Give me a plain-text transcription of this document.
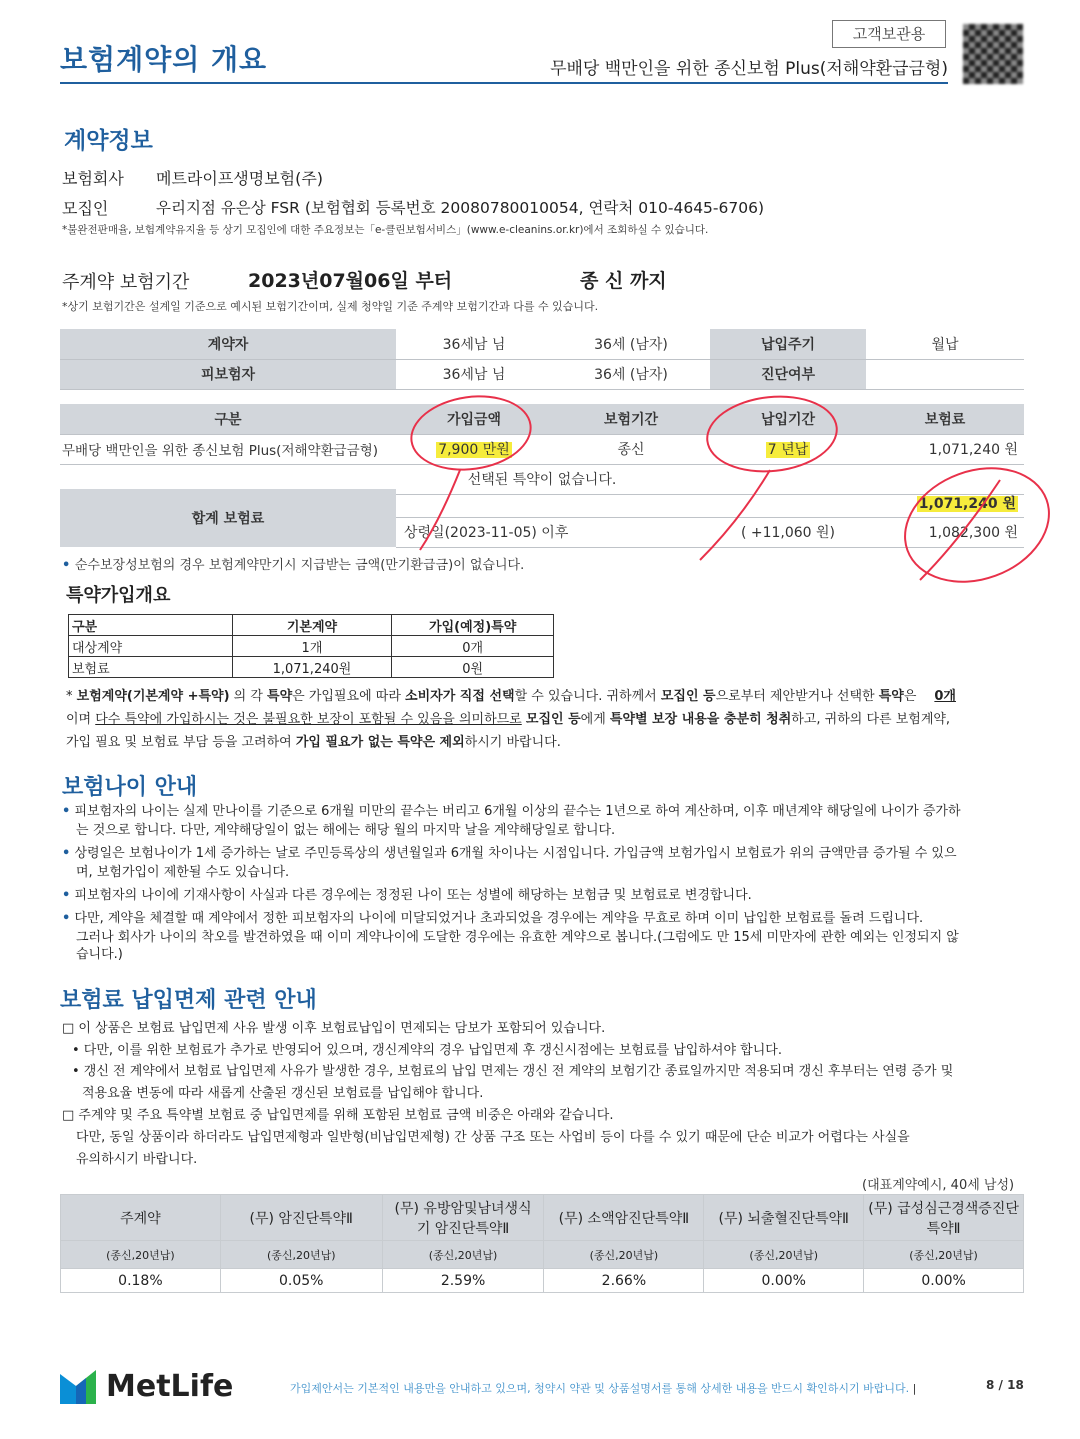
보험계약의 개요
고객보관용
무배당 백만인을 위한 종신보험 Plus(저해약환급금형)
계약정보
보험회사 메트라이프생명보험(주)
모집인	우리지점 유은상 FSR (보험협회 등록번호 20080780010054, 연락처 010-4645-6706)
*불완전판매율, 보험계약유지율 등 상기 모집인에 대한 주요정보는「e-클린보험서비스」(www.e-cleanins.or.kr)에서 조회하실 수 있습니다.
주계약 보험기간	2023년07월06일 부터	종 신 까지
*상기 보험기간은 설계일 기준으로 예시된 보험기간이며, 실제 청약일 기준 주계약 보험기간과 다를 수 있습니다.
계약자	36세남 님	36세 (남자)	납입주기	월납
피보험자	36세남 님	36세 (남자)	진단여부	
구분	가입금액	보험기간	납입기간	보험료
무배당 백만인을 위한 종신보험 Plus(저해약환급금형)	7,900 만원	종신	7 년납	1,071,240 원
선택된 특약이 없습니다.				
합계 보험료	1,071,240 원		
	상령일(2023-11-05) 이후	( +11,060 원)	1,082,300 원
• 순수보장성보험의 경우 보험계약만기시 지급받는 금액(만기환급금)이 없습니다.
특약가입개요
구분	기본계약	가입(예정)특약
대상계약	1개	0개
보험료	1,071,240원	0원
* 보험계약(기본계약 +특약) 의 각 특약은 가입필요에 따라 소비자가 직접 선택할 수 있습니다. 귀하께서 모집인 등으로부터 제안받거나 선택한 특약은 0개
이며 다수 특약에 가입하시는 것은 불필요한 보장이 포함될 수 있음을 의미하므로 모집인 등에게 특약별 보장 내용을 충분히 청취하고, 귀하의 다른 보험계약,
가입 필요 및 보험료 부담 등을 고려하여 가입 필요가 없는 특약은 제외하시기 바랍니다.
보험나이 안내
• 피보험자의 나이는 실제 만나이를 기준으로 6개월 미만의 끝수는 버리고 6개월 이상의 끝수는 1년으로 하여 계산하며, 이후 매년계약 해당일에 나이가 증가하
는 것으로 합니다. 다만, 계약해당일이 없는 해에는 해당 월의 마지막 날을 계약해당일로 합니다.
• 상령일은 보험나이가 1세 증가하는 날로 주민등록상의 생년월일과 6개월 차이나는 시점입니다. 가입금액 보험가입시 보험료가 위의 금액만큼 증가될 수 있으
며, 보험가입이 제한될 수도 있습니다.
• 피보험자의 나이에 기재사항이 사실과 다른 경우에는 정정된 나이 또는 성별에 해당하는 보험금 및 보험료로 변경합니다.
• 다만, 계약을 체결할 때 계약에서 정한 피보험자의 나이에 미달되었거나 초과되었을 경우에는 계약을 무효로 하며 이미 납입한 보험료를 돌려 드립니다.
그러나 회사가 나이의 착오를 발견하였을 때 이미 계약나이에 도달한 경우에는 유효한 계약으로 봅니다.(그럼에도 만 15세 미만자에 관한 예외는 인정되지 않
습니다.)
보험료 납입면제 관련 안내
□ 이 상품은 보험료 납입면제 사유 발생 이후 보험료납입이 면제되는 담보가 포함되어 있습니다.
• 다만, 이를 위한 보험료가 추가로 반영되어 있으며, 갱신계약의 경우 납입면제 후 갱신시점에는 보험료를 납입하셔야 합니다.
• 갱신 전 계약에서 보험료 납입면제 사유가 발생한 경우, 보험료의 납입 면제는 갱신 전 계약의 보험기간 종료일까지만 적용되며 갱신 후부터는 연령 증가 및
적용요율 변동에 따라 새롭게 산출된 갱신된 보험료를 납입해야 합니다.
□ 주계약 및 주요 특약별 보험료 중 납입면제를 위해 포함된 보험료 금액 비중은 아래와 같습니다.
다만, 동일 상품이라 하더라도 납입면제형과 일반형(비납입면제형) 간 상품 구조 또는 사업비 등이 다를 수 있기 때문에 단순 비교가 어렵다는 사실을
유의하시기 바랍니다.
(대표계약예시, 40세 남성)
주계약	(무) 암진단특약Ⅱ	(무) 유방암및남녀생식기 암진단특약Ⅱ	(무) 소액암진단특약Ⅱ	(무) 뇌출혈진단특약Ⅱ	(무) 급성심근경색증진단 특약Ⅱ
(종신,20년납)	(종신,20년납)	(종신,20년납)	(종신,20년납)	(종신,20년납)	(종신,20년납)
0.18%	0.05%	2.59%	2.66%	0.00%	0.00%
MetLife	가입제안서는 기본적인 내용만을 안내하고 있으며, 청약시 약관 및 상품설명서를 통해 상세한 내용을 반드시 확인하시기 바랍니다. |	8 / 18
